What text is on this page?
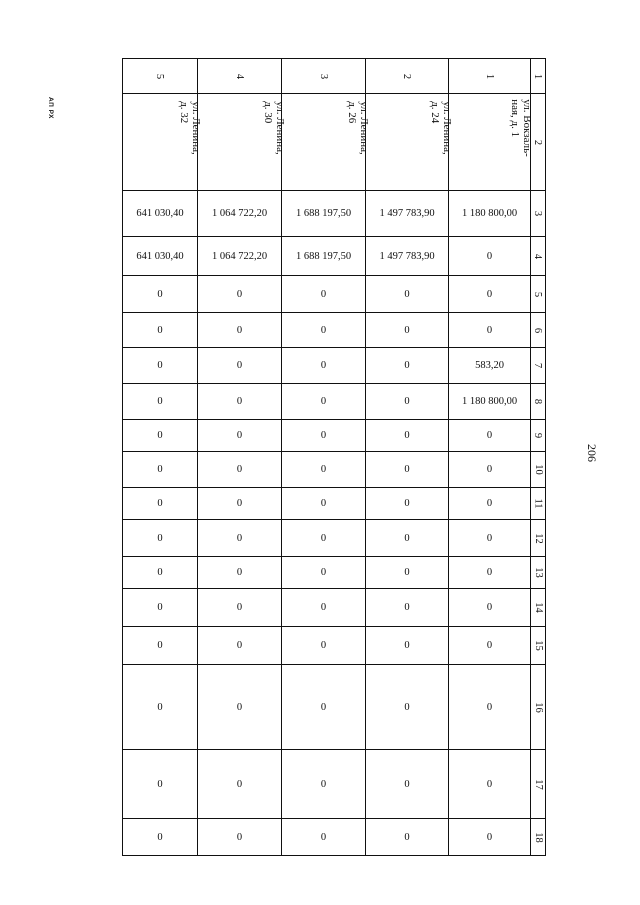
АП РХ
206
1
2
3
4
5
6
7
8
9
10
11
12
13
14
15
16
17
18
1
ул. Вокзаль-
ная, д. 1
1 180 800,00
0
0
0
583,20
1 180 800,00
0
0
0
0
0
0
0
0
0
0
2
ул. Ленина,
д. 24
1 497 783,90
1 497 783,90
0
0
0
0
0
0
0
0
0
0
0
0
0
0
3
ул. Ленина,
д. 26
1 688 197,50
1 688 197,50
0
0
0
0
0
0
0
0
0
0
0
0
0
0
4
ул. Ленина,
д. 30
1 064 722,20
1 064 722,20
0
0
0
0
0
0
0
0
0
0
0
0
0
0
5
ул. Ленина,
д. 32
641 030,40
641 030,40
0
0
0
0
0
0
0
0
0
0
0
0
0
0
